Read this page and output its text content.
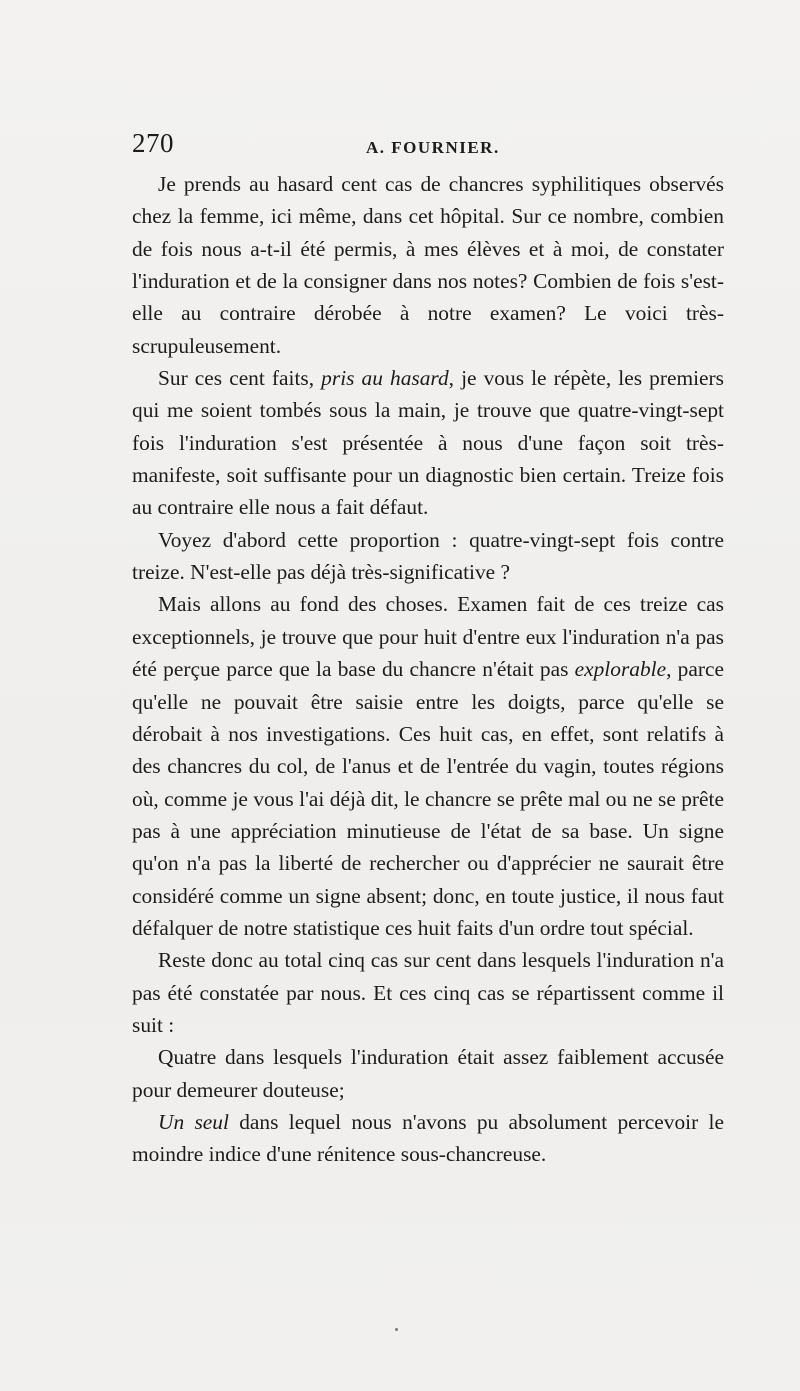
270	A. FOURNIER.

Je prends au hasard cent cas de chancres syphilitiques observés chez la femme, ici même, dans cet hôpital. Sur ce nombre, combien de fois nous a-t-il été permis, à mes élèves et à moi, de constater l'induration et de la consigner dans nos notes? Combien de fois s'est-elle au contraire dérobée à notre examen? Le voici très-scrupuleusement.

Sur ces cent faits, pris au hasard, je vous le répète, les premiers qui me soient tombés sous la main, je trouve que quatre-vingt-sept fois l'induration s'est présentée à nous d'une façon soit très-manifeste, soit suffisante pour un diagnostic bien certain. Treize fois au contraire elle nous a fait défaut.

Voyez d'abord cette proportion : quatre-vingt-sept fois contre treize. N'est-elle pas déjà très-significative ?

Mais allons au fond des choses. Examen fait de ces treize cas exceptionnels, je trouve que pour huit d'entre eux l'induration n'a pas été perçue parce que la base du chancre n'était pas explorable, parce qu'elle ne pouvait être saisie entre les doigts, parce qu'elle se dérobait à nos investigations. Ces huit cas, en effet, sont relatifs à des chancres du col, de l'anus et de l'entrée du vagin, toutes régions où, comme je vous l'ai déjà dit, le chancre se prête mal ou ne se prête pas à une appréciation minutieuse de l'état de sa base. Un signe qu'on n'a pas la liberté de rechercher ou d'apprécier ne saurait être considéré comme un signe absent; donc, en toute justice, il nous faut défalquer de notre statistique ces huit faits d'un ordre tout spécial.

Reste donc au total cinq cas sur cent dans lesquels l'induration n'a pas été constatée par nous. Et ces cinq cas se répartissent comme il suit :

Quatre dans lesquels l'induration était assez faiblement accusée pour demeurer douteuse;

Un seul dans lequel nous n'avons pu absolument percevoir le moindre indice d'une rénitence sous-chancreuse.
